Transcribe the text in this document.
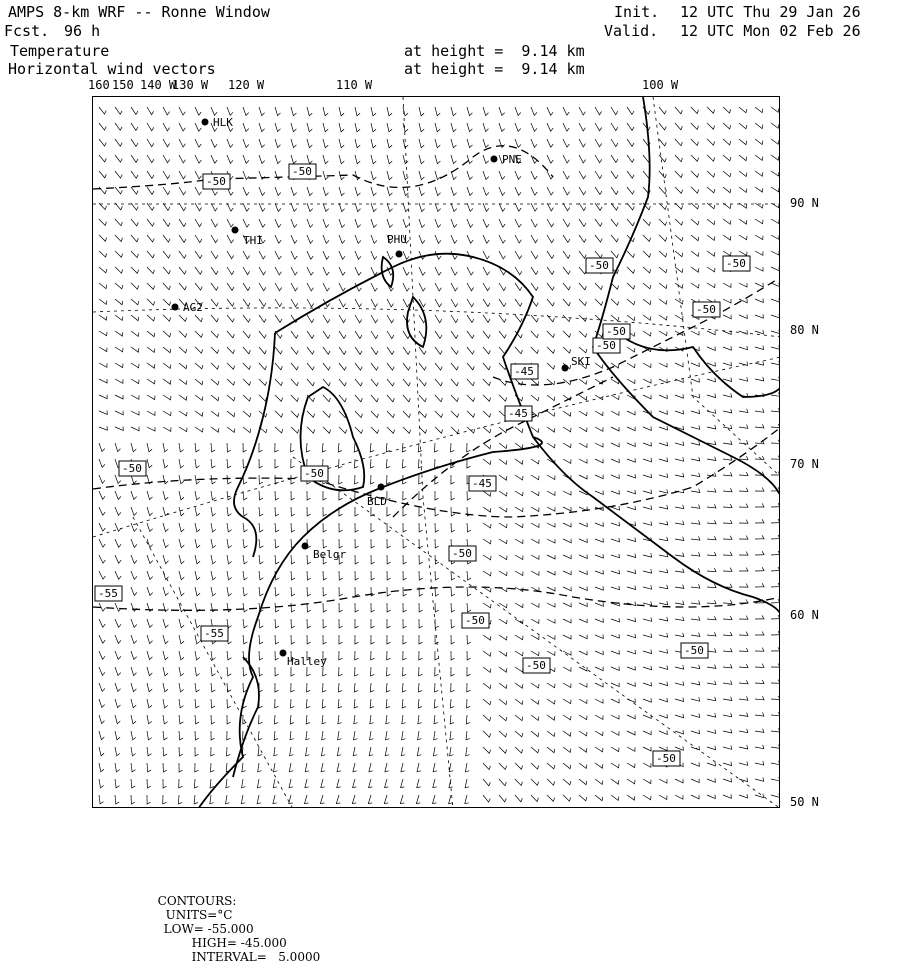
AMPS 8-km WRF -- Ronne Window	Init. 12 UTC Thu 29 Jan 26
Fcst. 96 h	Valid. 12 UTC Mon 02 Feb 26
Temperature
Horizontal wind vectors
at height =  9.14 km
at height =  9.14 km
160 150 140 W
130 W 120 W	110 W	100 W
90 N
80 N
70 N
60 N
50 N
HLK
PNE
THI	PHU
AG2
SKI
BLD
Belgr
Halley
-50
-50
-50	-50
-50
-50
-45
-45
-50
-50
-45
-50
-55
-50
-55
-50
-50
-50
-50

CONTOURS:
UNITS=°C
LOW= -55.000
HIGH= -45.000
INTERVAL=   5.0000
